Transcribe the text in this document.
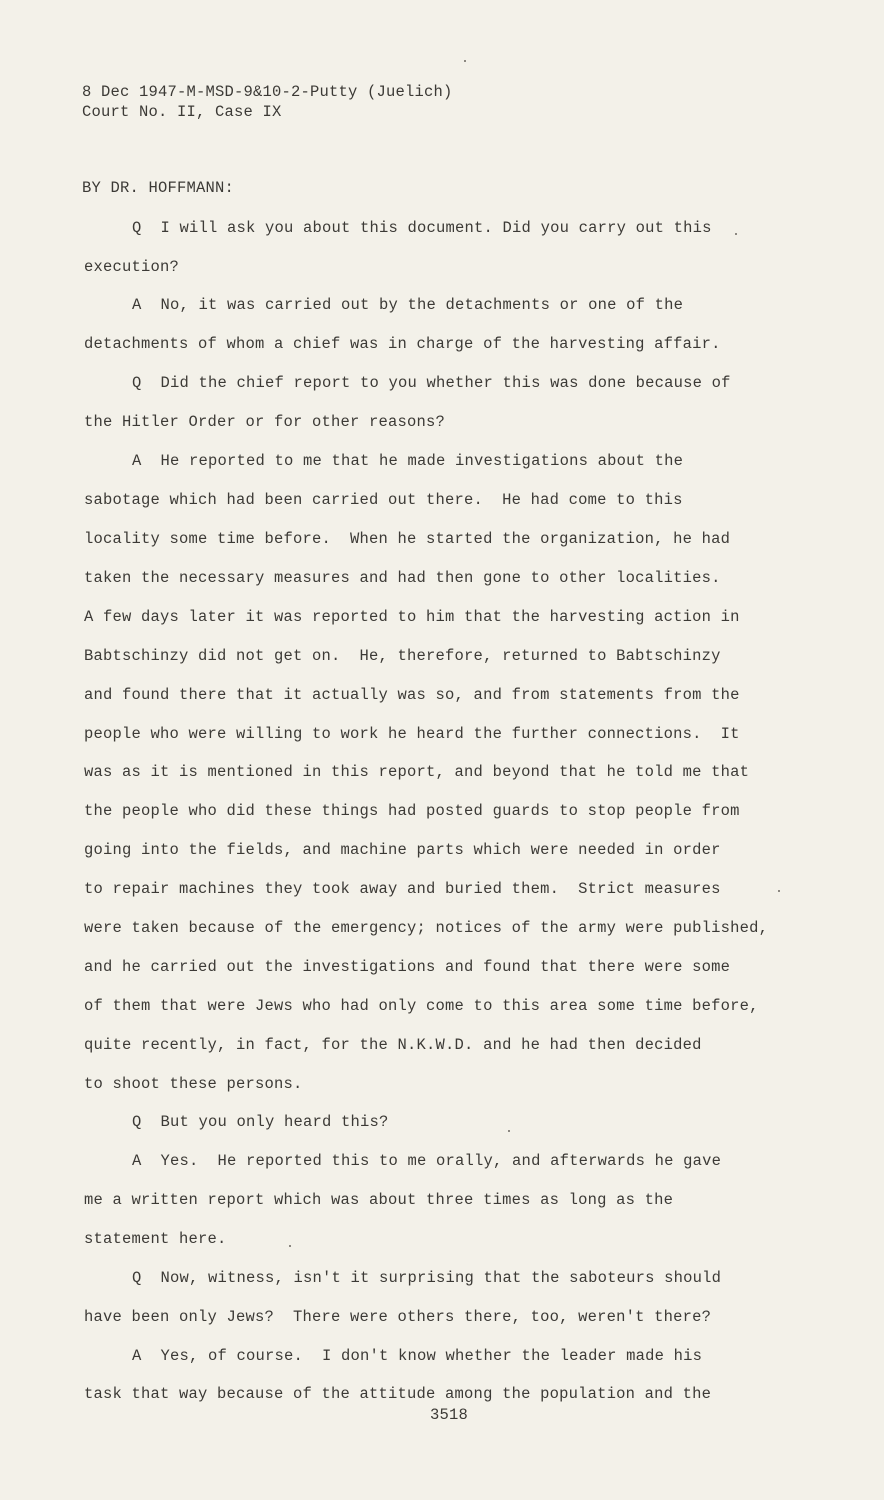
8 Dec 1947-M-MSD-9&10-2-Putty (Juelich)
Court No. II, Case IX
BY DR. HOFFMANN:
Q  I will ask you about this document. Did you carry out this
execution?
A  No, it was carried out by the detachments or one of the
detachments of whom a chief was in charge of the harvesting affair.
Q  Did the chief report to you whether this was done because of
the Hitler Order or for other reasons?
A  He reported to me that he made investigations about the
sabotage which had been carried out there.  He had come to this
locality some time before.  When he started the organization, he had
taken the necessary measures and had then gone to other localities.
A few days later it was reported to him that the harvesting action in
Babtschinzy did not get on.  He, therefore, returned to Babtschinzy
and found there that it actually was so, and from statements from the
people who were willing to work he heard the further connections.  It
was as it is mentioned in this report, and beyond that he told me that
the people who did these things had posted guards to stop people from
going into the fields, and machine parts which were needed in order
to repair machines they took away and buried them.  Strict measures
were taken because of the emergency; notices of the army were published,
and he carried out the investigations and found that there were some
of them that were Jews who had only come to this area some time before,
quite recently, in fact, for the N.K.W.D. and he had then decided
to shoot these persons.
Q  But you only heard this?
A  Yes.  He reported this to me orally, and afterwards he gave
me a written report which was about three times as long as the
statement here.
Q  Now, witness, isn't it surprising that the saboteurs should
have been only Jews?  There were others there, too, weren't there?
A  Yes, of course.  I don't know whether the leader made his
task that way because of the attitude among the population and the
3518
